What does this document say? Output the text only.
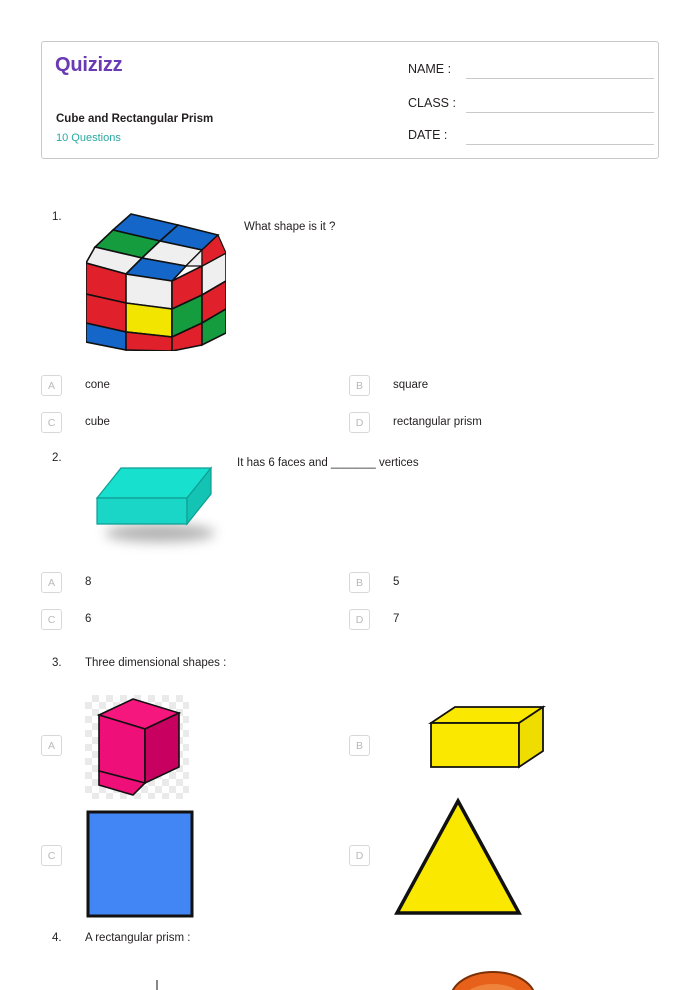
Quizizz
Cube and Rectangular Prism
10 Questions
NAME :
CLASS :
DATE :
1.
What shape is it ?
A	cone	B	square
C	cube	D	rectangular prism
2.	It has 6 faces and _______ vertices
A	8	B	5
C	6	D	7
3. Three dimensional shapes :
A	B
C	D
4. A rectangular prism :
